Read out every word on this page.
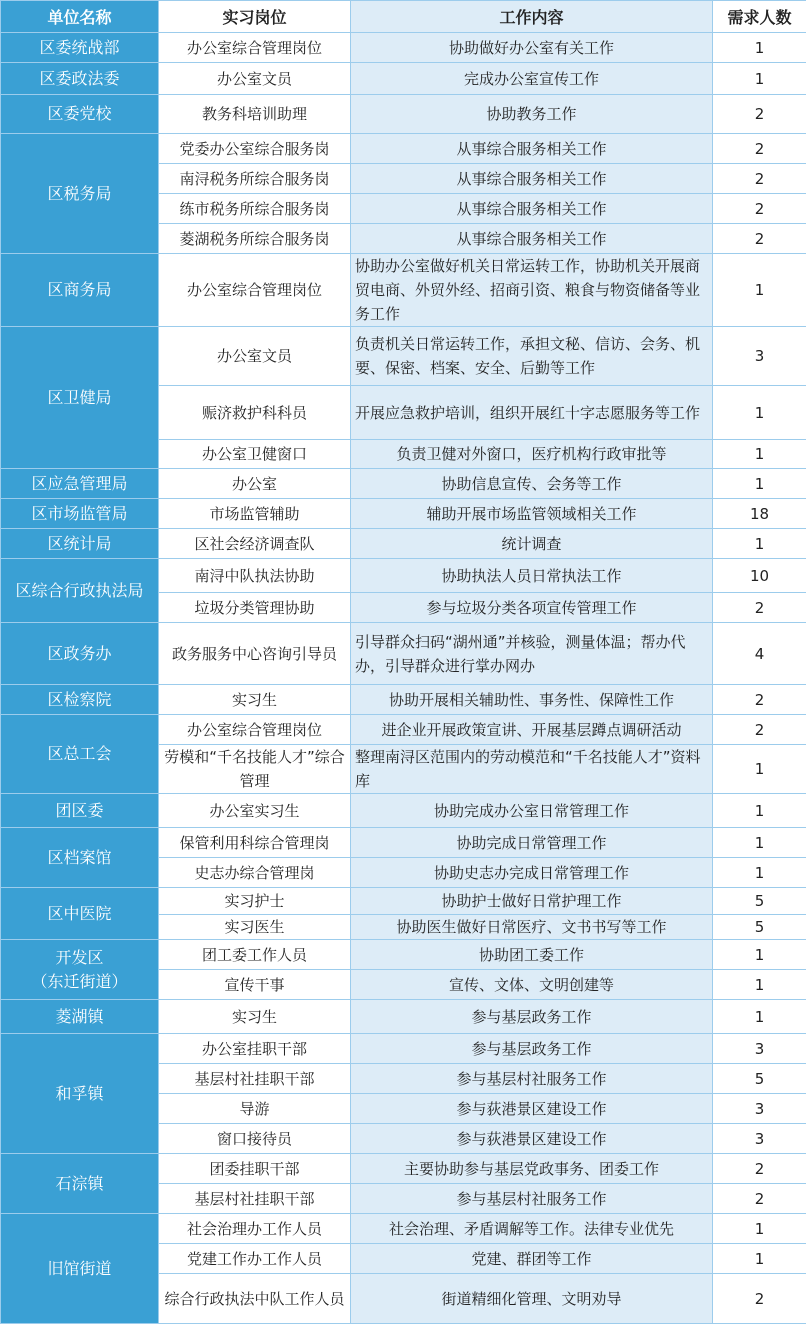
单位名称	实习岗位	工作内容	需求人数
区委统战部	办公室综合管理岗位	协助做好办公室有关工作	1
区委政法委	办公室文员	完成办公室宣传工作	1
区委党校	教务科培训助理	协助教务工作	2
区税务局	党委办公室综合服务岗	从事综合服务相关工作	2
	南浔税务所综合服务岗	从事综合服务相关工作	2
	练市税务所综合服务岗	从事综合服务相关工作	2
	菱湖税务所综合服务岗	从事综合服务相关工作	2
区商务局	办公室综合管理岗位	协助办公室做好机关日常运转工作，协助机关开展商贸电商、外贸外经、招商引资、粮食与物资储备等业务工作	1
区卫健局	办公室文员	负责机关日常运转工作，承担文秘、信访、会务、机要、保密、档案、安全、后勤等工作	3
	赈济救护科科员	开展应急救护培训，组织开展红十字志愿服务等工作	1
	办公室卫健窗口	负责卫健对外窗口，医疗机构行政审批等	1
区应急管理局	办公室	协助信息宣传、会务等工作	1
区市场监管局	市场监管辅助	辅助开展市场监管领域相关工作	18
区统计局	区社会经济调查队	统计调查	1
区综合行政执法局	南浔中队执法协助	协助执法人员日常执法工作	10
	垃圾分类管理协助	参与垃圾分类各项宣传管理工作	2
区政务办	政务服务中心咨询引导员	引导群众扫码“湖州通”并核验，测量体温；帮办代办，引导群众进行掌办网办	4
区检察院	实习生	协助开展相关辅助性、事务性、保障性工作	2
区总工会	办公室综合管理岗位	进企业开展政策宣讲、开展基层蹲点调研活动	2
	劳模和“千名技能人才”综合管理	整理南浔区范围内的劳动模范和“千名技能人才”资料库	1
团区委	办公室实习生	协助完成办公室日常管理工作	1
区档案馆	保管利用科综合管理岗	协助完成日常管理工作	1
	史志办综合管理岗	协助史志办完成日常管理工作	1
区中医院	实习护士	协助护士做好日常护理工作	5
	实习医生	协助医生做好日常医疗、文书书写等工作	5
开发区
（东迁街道）	团工委工作人员	协助团工委工作	1
	宣传干事	宣传、文体、文明创建等	1
菱湖镇	实习生	参与基层政务工作	1
和孚镇	办公室挂职干部	参与基层政务工作	3
	基层村社挂职干部	参与基层村社服务工作	5
	导游	参与荻港景区建设工作	3
	窗口接待员	参与荻港景区建设工作	3
石淙镇	团委挂职干部	主要协助参与基层党政事务、团委工作	2
	基层村社挂职干部	参与基层村社服务工作	2
旧馆街道	社会治理办工作人员	社会治理、矛盾调解等工作。法律专业优先	1
	党建工作办工作人员	党建、群团等工作	1
	综合行政执法中队工作人员	街道精细化管理、文明劝导	2
